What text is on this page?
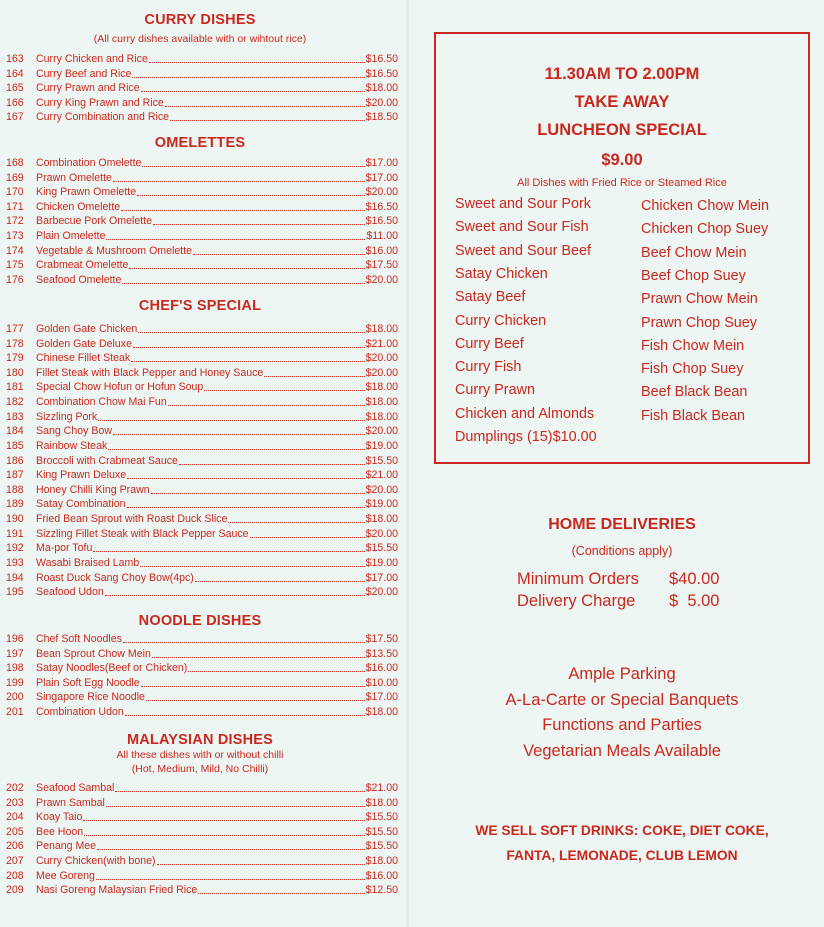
CURRY DISHES
(All curry dishes available with or wihtout rice)
163	Curry Chicken and Rice	$16.50
164	Curry Beef and Rice	$16.50
165	Curry Prawn and Rice	$18.00
166	Curry King Prawn and Rice	$20.00
167	Curry Combination and Rice	$18.50
OMELETTES
168	Combination Omelette	$17.00
169	Prawn Omelette	$17.00
170	King Prawn Omelette	$20.00
171	Chicken Omelette	$16.50
172	Barbecue Pork Omelette	$16.50
173	Plain Omelette	$11.00
174	Vegetable & Mushroom Omelette	$16.00
175	Crabmeat Omelette	$17.50
176	Seafood Omelette	$20.00
CHEF'S SPECIAL
177	Golden Gate Chicken	$18.00
178	Golden Gate Deluxe	$21.00
179	Chinese Fillet Steak	$20.00
180	Fillet Steak with Black Pepper and Honey Sauce	$20.00
181	Special Chow Hofun or Hofun Soup	$18.00
182	Combination Chow Mai Fun	$18.00
183	Sizzling Pork	$18.00
184	Sang Choy Bow	$20.00
185	Rainbow Steak	$19.00
186	Broccoli with Crabmeat Sauce	$15.50
187	King Prawn Deluxe	$21.00
188	Honey Chilli King Prawn	$20.00
189	Satay Combination	$19.00
190	Fried Bean Sprout with Roast Duck Slice	$18.00
191	Sizzling Fillet Steak with Black Pepper Sauce	$20.00
192	Ma-por Tofu	$15.50
193	Wasabi Braised Lamb	$19.00
194	Roast Duck Sang Choy Bow(4pc)	$17.00
195	Seafood Udon	$20.00
NOODLE DISHES
196	Chef Soft Noodles	$17.50
197	Bean Sprout Chow Mein	$13.50
198	Satay Noodles(Beef or Chicken)	$16.00
199	Plain Soft Egg Noodle	$10.00
200	Singapore Rice Noodle	$17.00
201	Combination Udon	$18.00
MALAYSIAN DISHES
All these dishes with or without chilli
(Hot, Medium, Mild, No Chilli)
202	Seafood Sambal	$21.00
203	Prawn Sambal	$18.00
204	Koay Taio	$15.50
205	Bee Hoon	$15.50
206	Penang Mee	$15.50
207	Curry Chicken(with bone)	$18.00
208	Mee Goreng	$16.00
209	Nasi Goreng Malaysian Fried Rice	$12.50
11.30AM TO 2.00PM
TAKE AWAY
LUNCHEON SPECIAL
$9.00
All Dishes with Fried Rice or Steamed Rice
Sweet and Sour Pork
Sweet and Sour Fish
Sweet and Sour Beef
Satay Chicken
Satay Beef
Curry Chicken
Curry Beef
Curry Fish
Curry Prawn
Chicken and Almonds
Dumplings (15)$10.00
Chicken Chow Mein
Chicken Chop Suey
Beef Chow Mein
Beef Chop Suey
Prawn Chow Mein
Prawn Chop Suey
Fish Chow Mein
Fish Chop Suey
Beef Black Bean
Fish Black Bean
HOME DELIVERIES
(Conditions apply)
Minimum Orders $40.00
Delivery Charge $  5.00
Ample Parking
A-La-Carte or Special Banquets
Functions and Parties
Vegetarian Meals Available
WE SELL SOFT DRINKS: COKE, DIET COKE,
FANTA, LEMONADE, CLUB LEMON
